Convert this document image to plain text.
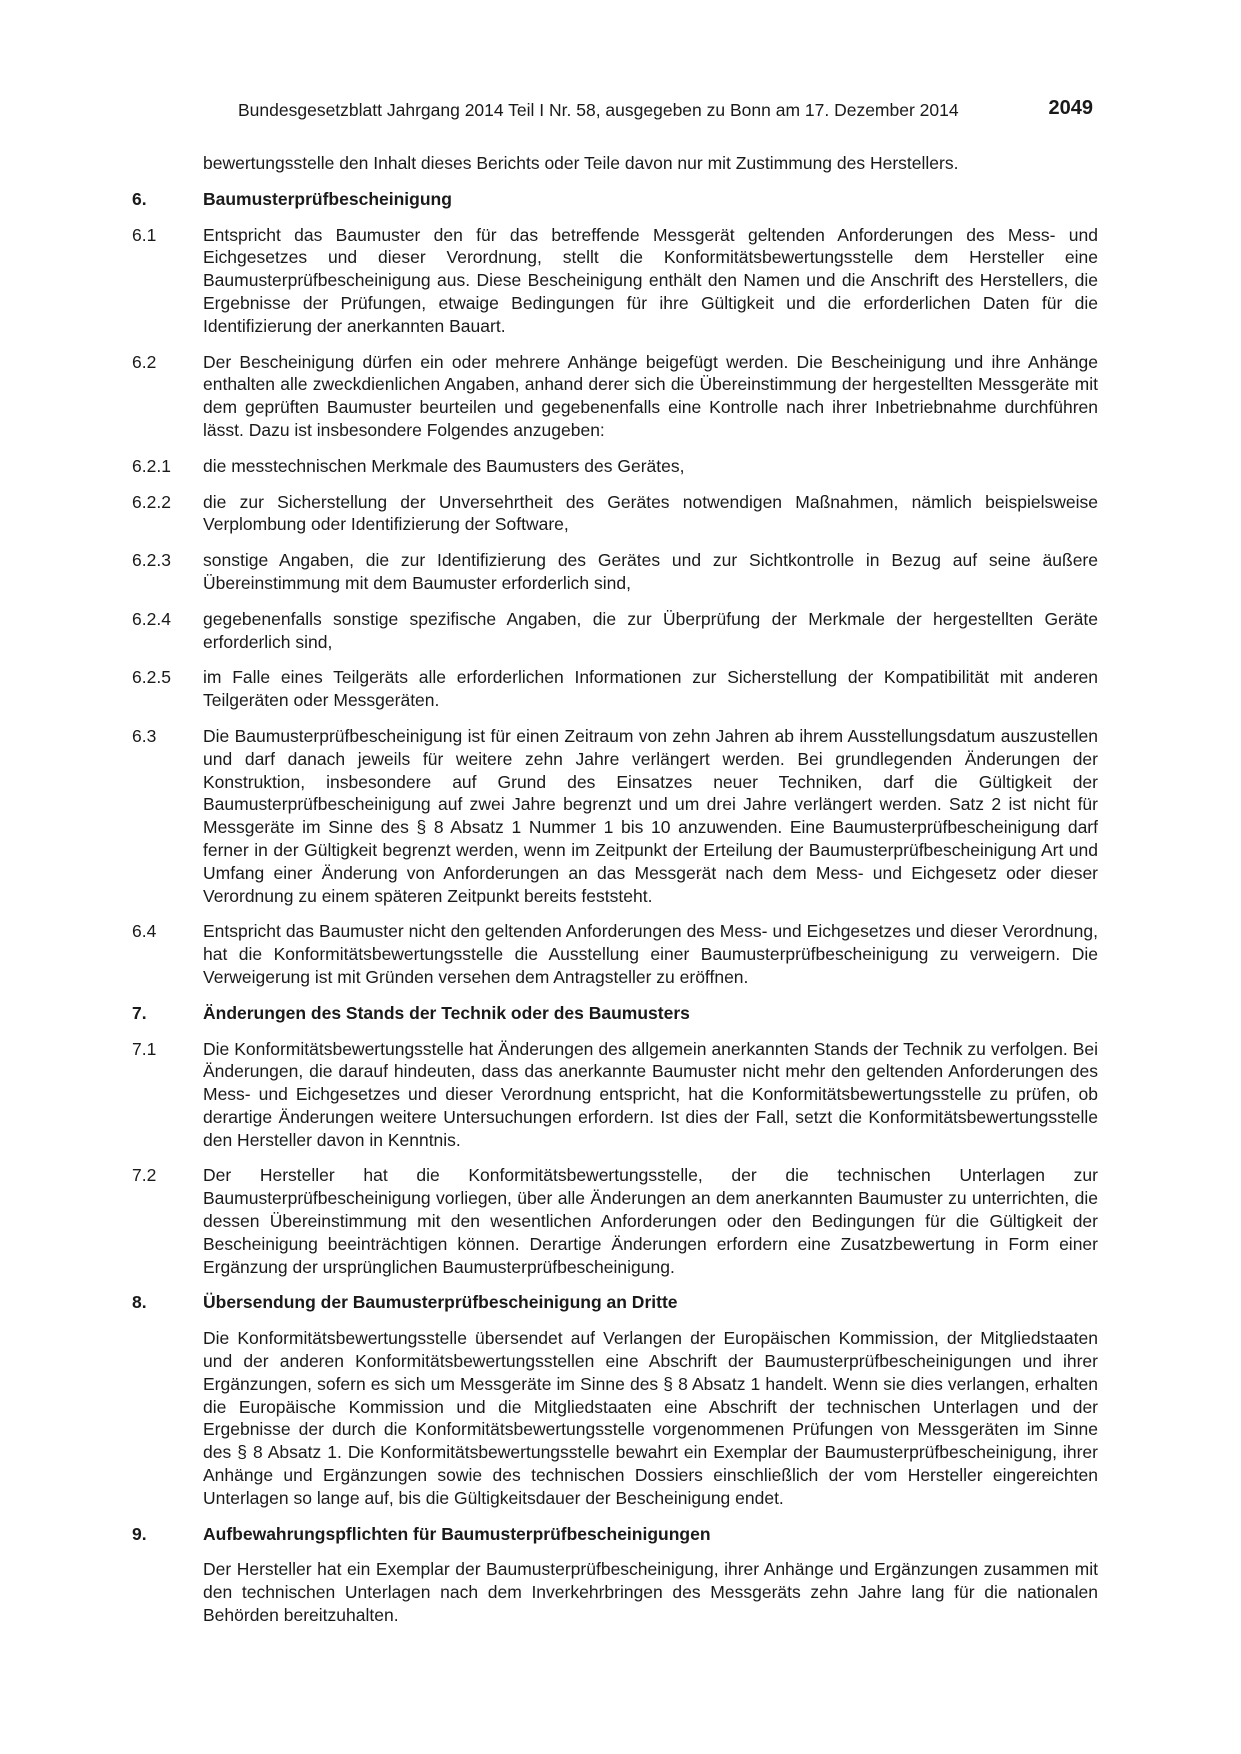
Bundesgesetzblatt Jahrgang 2014 Teil I Nr. 58, ausgegeben zu Bonn am 17. Dezember 2014	2049
bewertungsstelle den Inhalt dieses Berichts oder Teile davon nur mit Zustimmung des Herstellers.
6.	Baumusterprüfbescheinigung
6.1	Entspricht das Baumuster den für das betreffende Messgerät geltenden Anforderungen des Mess- und Eichgesetzes und dieser Verordnung, stellt die Konformitätsbewertungsstelle dem Hersteller eine Baumusterprüfbescheinigung aus. Diese Bescheinigung enthält den Namen und die Anschrift des Herstellers, die Ergebnisse der Prüfungen, etwaige Bedingungen für ihre Gültigkeit und die erforderlichen Daten für die Identifizierung der anerkannten Bauart.
6.2	Der Bescheinigung dürfen ein oder mehrere Anhänge beigefügt werden. Die Bescheinigung und ihre Anhänge enthalten alle zweckdienlichen Angaben, anhand derer sich die Übereinstimmung der hergestellten Messgeräte mit dem geprüften Baumuster beurteilen und gegebenenfalls eine Kontrolle nach ihrer Inbetriebnahme durchführen lässt. Dazu ist insbesondere Folgendes anzugeben:
6.2.1 die messtechnischen Merkmale des Baumusters des Gerätes,
6.2.2 die zur Sicherstellung der Unversehrtheit des Gerätes notwendigen Maßnahmen, nämlich beispielsweise Verplombung oder Identifizierung der Software,
6.2.3 sonstige Angaben, die zur Identifizierung des Gerätes und zur Sichtkontrolle in Bezug auf seine äußere Übereinstimmung mit dem Baumuster erforderlich sind,
6.2.4 gegebenenfalls sonstige spezifische Angaben, die zur Überprüfung der Merkmale der hergestellten Geräte erforderlich sind,
6.2.5 im Falle eines Teilgeräts alle erforderlichen Informationen zur Sicherstellung der Kompatibilität mit anderen Teilgeräten oder Messgeräten.
6.3	Die Baumusterprüfbescheinigung ist für einen Zeitraum von zehn Jahren ab ihrem Ausstellungsdatum auszustellen und darf danach jeweils für weitere zehn Jahre verlängert werden. Bei grundlegenden Änderungen der Konstruktion, insbesondere auf Grund des Einsatzes neuer Techniken, darf die Gültigkeit der Baumusterprüfbescheinigung auf zwei Jahre begrenzt und um drei Jahre verlängert werden. Satz 2 ist nicht für Messgeräte im Sinne des § 8 Absatz 1 Nummer 1 bis 10 anzuwenden. Eine Baumusterprüfbescheinigung darf ferner in der Gültigkeit begrenzt werden, wenn im Zeitpunkt der Erteilung der Baumusterprüfbescheinigung Art und Umfang einer Änderung von Anforderungen an das Messgerät nach dem Mess- und Eichgesetz oder dieser Verordnung zu einem späteren Zeitpunkt bereits feststeht.
6.4	Entspricht das Baumuster nicht den geltenden Anforderungen des Mess- und Eichgesetzes und dieser Verordnung, hat die Konformitätsbewertungsstelle die Ausstellung einer Baumusterprüfbescheinigung zu verweigern. Die Verweigerung ist mit Gründen versehen dem Antragsteller zu eröffnen.
7.	Änderungen des Stands der Technik oder des Baumusters
7.1	Die Konformitätsbewertungsstelle hat Änderungen des allgemein anerkannten Stands der Technik zu verfolgen. Bei Änderungen, die darauf hindeuten, dass das anerkannte Baumuster nicht mehr den geltenden Anforderungen des Mess- und Eichgesetzes und dieser Verordnung entspricht, hat die Konformitätsbewertungsstelle zu prüfen, ob derartige Änderungen weitere Untersuchungen erfordern. Ist dies der Fall, setzt die Konformitätsbewertungsstelle den Hersteller davon in Kenntnis.
7.2	Der Hersteller hat die Konformitätsbewertungsstelle, der die technischen Unterlagen zur Baumusterprüfbescheinigung vorliegen, über alle Änderungen an dem anerkannten Baumuster zu unterrichten, die dessen Übereinstimmung mit den wesentlichen Anforderungen oder den Bedingungen für die Gültigkeit der Bescheinigung beeinträchtigen können. Derartige Änderungen erfordern eine Zusatzbewertung in Form einer Ergänzung der ursprünglichen Baumusterprüfbescheinigung.
8.	Übersendung der Baumusterprüfbescheinigung an Dritte
Die Konformitätsbewertungsstelle übersendet auf Verlangen der Europäischen Kommission, der Mitgliedstaaten und der anderen Konformitätsbewertungsstellen eine Abschrift der Baumusterprüfbescheinigungen und ihrer Ergänzungen, sofern es sich um Messgeräte im Sinne des § 8 Absatz 1 handelt. Wenn sie dies verlangen, erhalten die Europäische Kommission und die Mitgliedstaaten eine Abschrift der technischen Unterlagen und der Ergebnisse der durch die Konformitätsbewertungsstelle vorgenommenen Prüfungen von Messgeräten im Sinne des § 8 Absatz 1. Die Konformitätsbewertungsstelle bewahrt ein Exemplar der Baumusterprüfbescheinigung, ihrer Anhänge und Ergänzungen sowie des technischen Dossiers einschließlich der vom Hersteller eingereichten Unterlagen so lange auf, bis die Gültigkeitsdauer der Bescheinigung endet.
9.	Aufbewahrungspflichten für Baumusterprüfbescheinigungen
Der Hersteller hat ein Exemplar der Baumusterprüfbescheinigung, ihrer Anhänge und Ergänzungen zusammen mit den technischen Unterlagen nach dem Inverkehrbringen des Messgeräts zehn Jahre lang für die nationalen Behörden bereitzuhalten.
